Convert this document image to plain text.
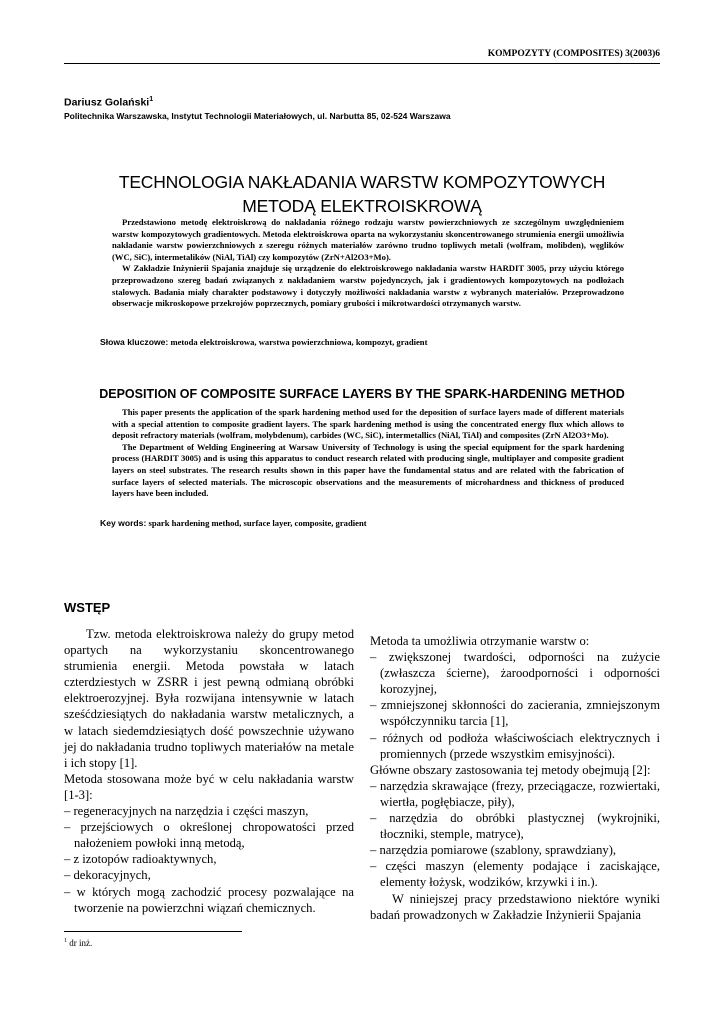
KOMPOZYTY (COMPOSITES) 3(2003)6
Dariusz Golański$^1$
Politechnika Warszawska, Instytut Technologii Materiałowych, ul. Narbutta 85, 02-524 Warszawa
TECHNOLOGIA NAKŁADANIA WARSTW KOMPOZYTOWYCH
METODĄ ELEKTROISKROWĄ

Przedstawiono metodę elektroiskrową do nakładania różnego rodzaju warstw powierzchniowych ze szczególnym uwzględnieniem warstw kompozytowych gradientowych. Metoda elektroiskrowa oparta na wykorzystaniu skoncentrowanego strumienia energii umożliwia nakładanie warstw powierzchniowych z szeregu różnych materiałów zarówno trudno topliwych metali (wolfram, molibden), węglików (WC, SiC), intermetalików (NiAl, TiAl) czy kompozytów (ZrN+Al2O3+Mo).

W Zakładzie Inżynierii Spajania znajduje się urządzenie do elektroiskrowego nakładania warstw HARDIT 3005, przy użyciu którego przeprowadzono szereg badań związanych z nakładaniem warstw pojedynczych, jak i gradientowych kompozytowych na podłożach stalowych. Badania miały charakter podstawowy i dotyczyły możliwości nakładania warstw z wybranych materiałów. Przeprowadzono obserwacje mikroskopowe przekrojów poprzecznych, pomiary grubości i mikrotwardości otrzymanych warstw.

Słowa kluczowe: metoda elektroiskrowa, warstwa powierzchniowa, kompozyt, gradient
DEPOSITION OF COMPOSITE SURFACE LAYERS BY THE SPARK-HARDENING METHOD

This paper presents the application of the spark hardening method used for the deposition of surface layers made of different materials with a special attention to composite gradient layers. The spark hardening method is using the concentrated energy flux which allows to deposit refractory materials (wolfram, molybdenum), carbides (WC, SiC), intermetallics (NiAl, TiAl) and composites (ZrN Al2O3+Mo).

The Department of Welding Engineering at Warsaw University of Technology is using the special equipment for the spark hardening process (HARDIT 3005) and is using this apparatus to conduct research related with producing single, multiplayer and composite gradient layers on steel substrates. The research results shown in this paper have the fundamental status and are related with the fabrication of surface layers of selected materials. The microscopic observations and the measurements of microhardness and thickness of produced layers have been included.

Key words: spark hardening method, surface layer, composite, gradient
WSTĘP

Tzw. metoda elektroiskrowa należy do grupy metod opartych na wykorzystaniu skoncentrowanego strumienia energii. Metoda powstała w latach czterdziestych w ZSRR i jest pewną odmianą obróbki elektroerozyjnej. Była rozwijana intensywnie w latach sześćdziesiątych do nakładania warstw metalicznych, a w latach siedemdziesiątych dość powszechnie używano jej do nakładania trudno topliwych materiałów na metale i ich stopy [1].

Metoda stosowana może być w celu nakładania warstw [1-3]:

– regeneracyjnych na narzędzia i części maszyn,
– przejściowych o określonej chropowatości przed nałożeniem powłoki inną metodą,
– z izotopów radioaktywnych,
– dekoracyjnych,
– w których mogą zachodzić procesy pozwalające na tworzenie na powierzchni wiązań chemicznych.

Metoda ta umożliwia otrzymanie warstw o:

– zwiększonej twardości, odporności na zużycie (zwłaszcza ścierne), żaroodporności i odporności korozyjnej,
– zmniejszonej skłonności do zacierania, zmniejszonym współczynniku tarcia [1],
– różnych od podłoża właściwościach elektrycznych i promiennych (przede wszystkim emisyjności).

Główne obszary zastosowania tej metody obejmują [2]:

– narzędzia skrawające (frezy, przeciągacze, rozwiertaki, wiertła, pogłębiacze, piły),
– narzędzia do obróbki plastycznej (wykrojniki, tłoczniki, stemple, matryce),
– narzędzia pomiarowe (szablony, sprawdziany),
– części maszyn (elementy podające i zaciskające, elementy łożysk, wodzików, krzywki i in.).

W niniejszej pracy przedstawiono niektóre wyniki badań prowadzonych w Zakładzie Inżynierii Spajania

$^1$ dr inż.
